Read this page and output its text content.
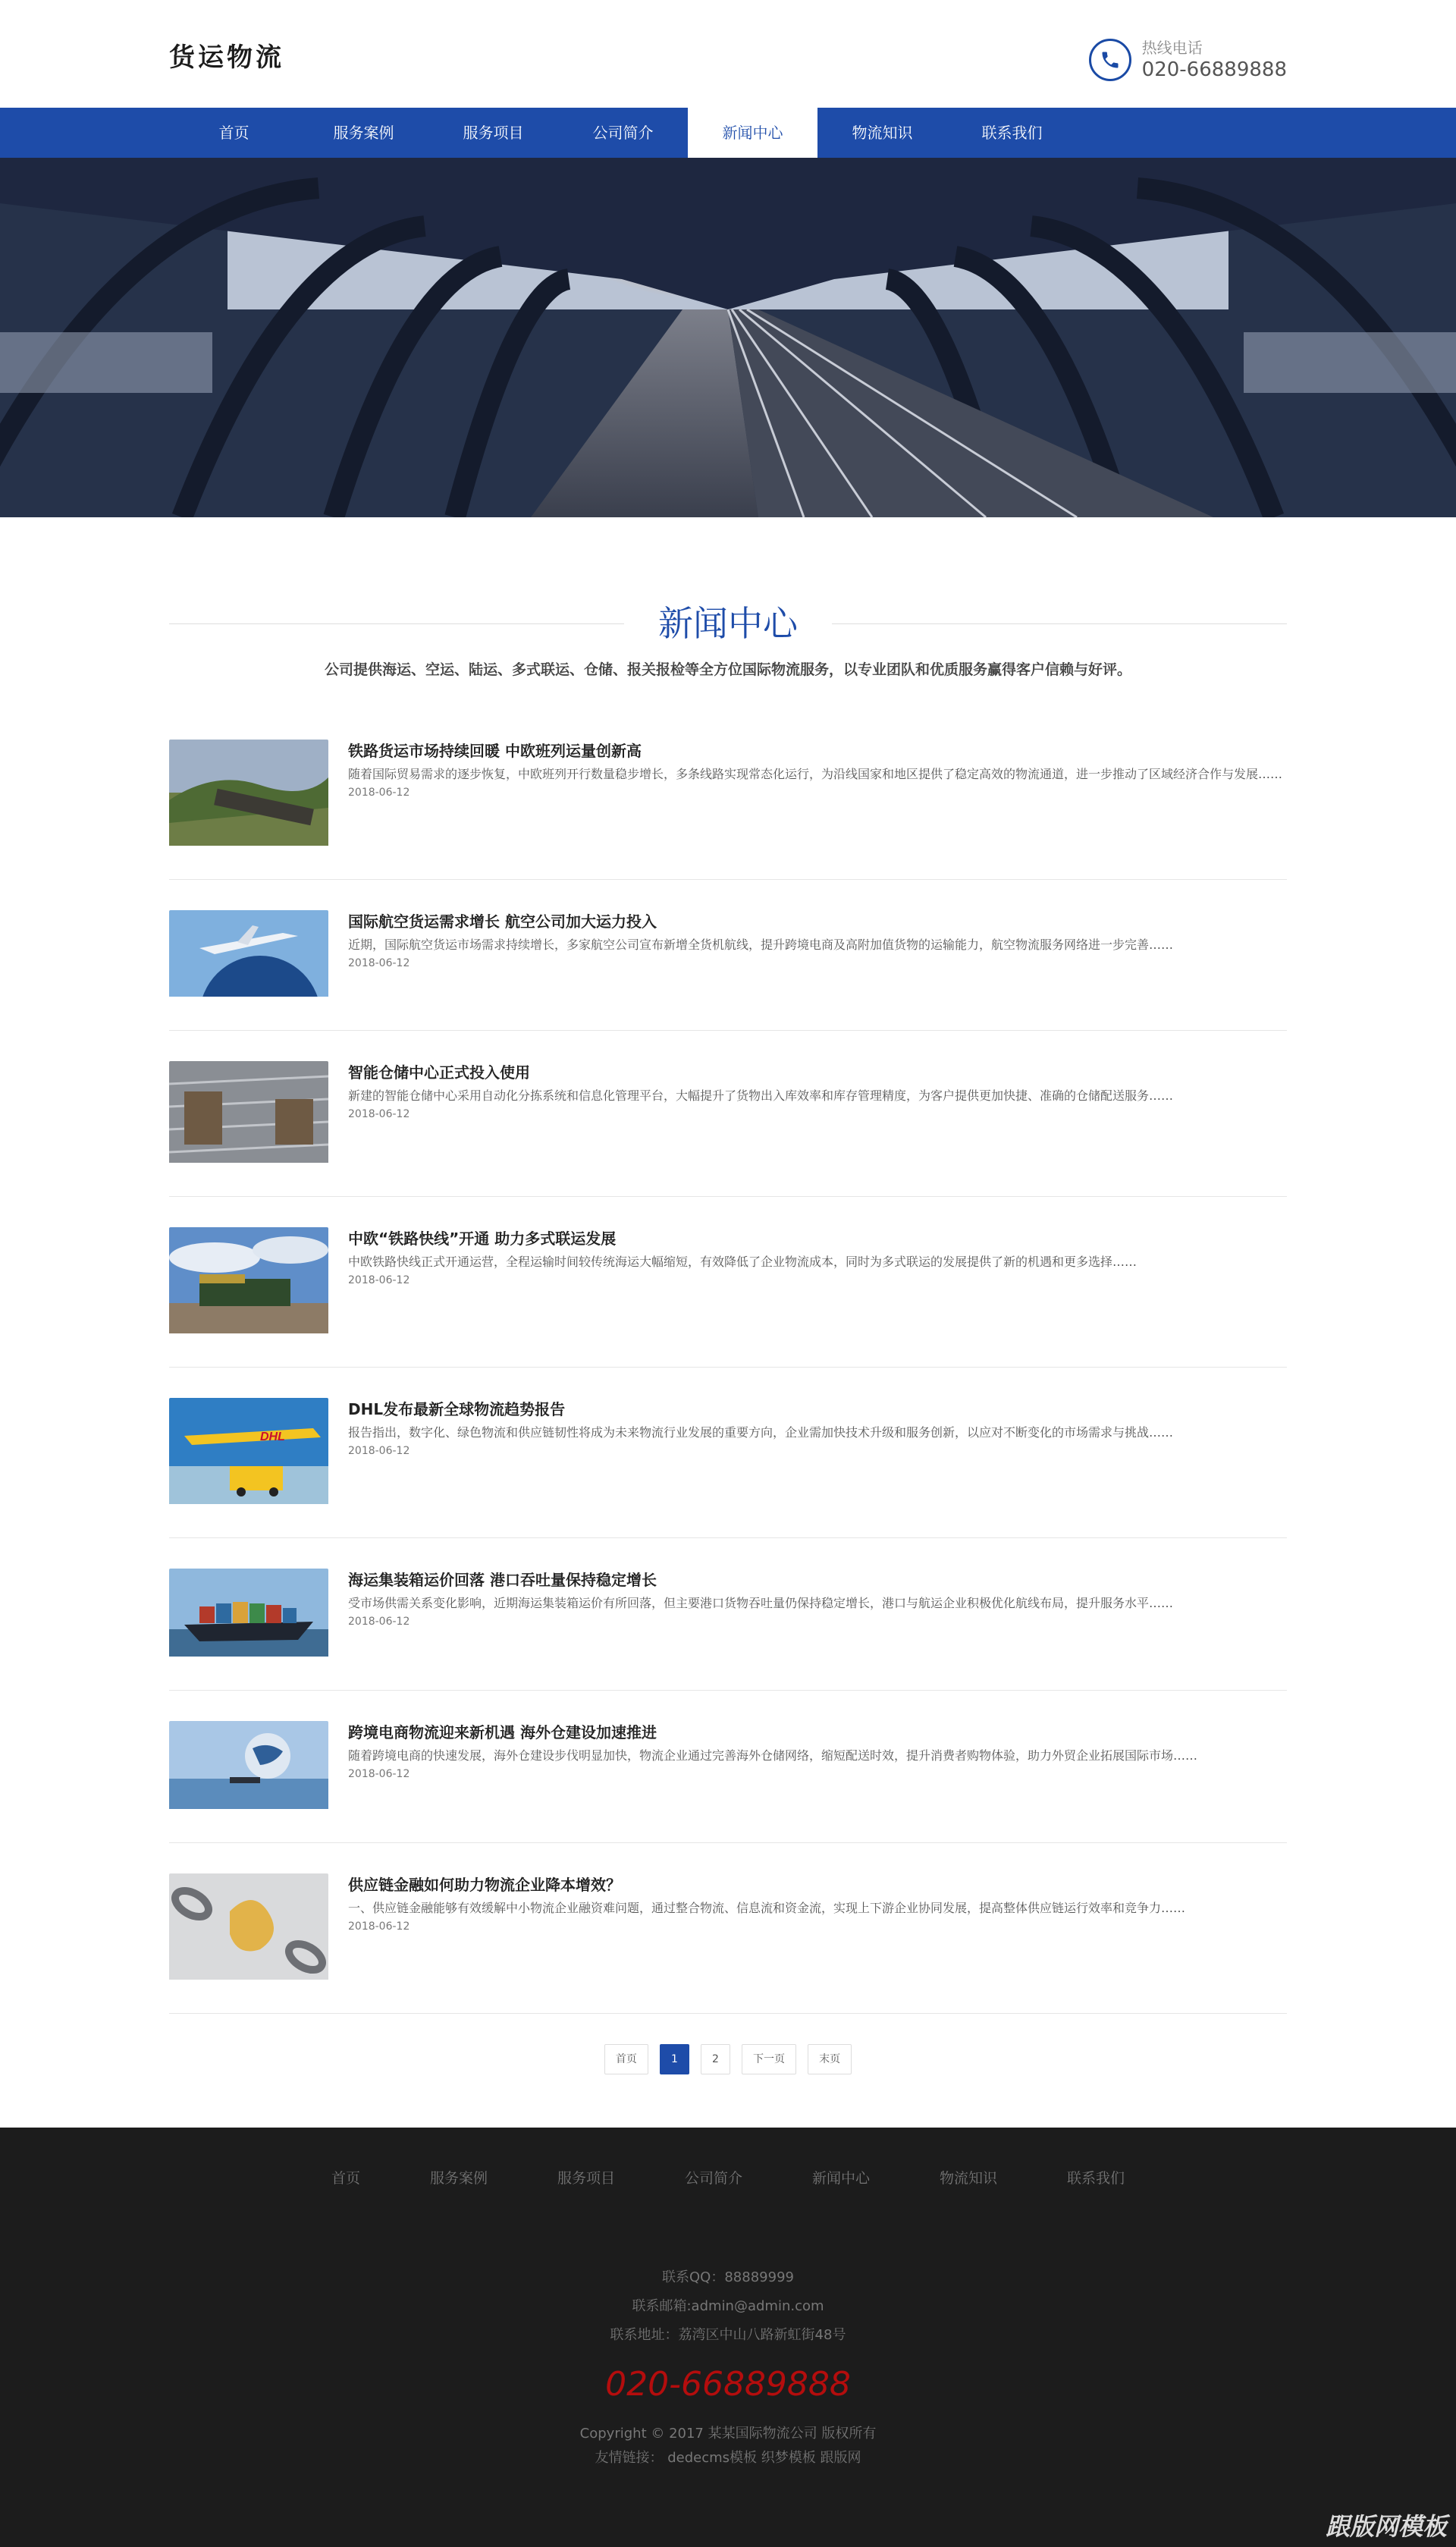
货运物流	热线电话
020-66889888
首页	服务案例	服务项目	公司简介	新闻中心	物流知识	联系我们
新闻中心
公司提供海运、空运、陆运、多式联运、仓储、报关报检等全方位国际物流服务，以专业团队和优质服务赢得客户信赖与好评。
铁路货运市场持续回暖 中欧班列运量创新高
随着国际贸易需求的逐步恢复，中欧班列开行数量稳步增长，多条线路实现常态化运行，为沿线国家和地区提供了稳定高效的物流通道，进一步推动了区域经济合作与发展……
2018-06-12
国际航空货运需求增长 航空公司加大运力投入
近期，国际航空货运市场需求持续增长，多家航空公司宣布新增全货机航线，提升跨境电商及高附加值货物的运输能力，航空物流服务网络进一步完善……
2018-06-12
智能仓储中心正式投入使用
新建的智能仓储中心采用自动化分拣系统和信息化管理平台，大幅提升了货物出入库效率和库存管理精度，为客户提供更加快捷、准确的仓储配送服务……
2018-06-12
中欧“铁路快线”开通 助力多式联运发展
中欧铁路快线正式开通运营，全程运输时间较传统海运大幅缩短，有效降低了企业物流成本，同时为多式联运的发展提供了新的机遇和更多选择……
2018-06-12
DHL
DHL发布最新全球物流趋势报告
报告指出，数字化、绿色物流和供应链韧性将成为未来物流行业发展的重要方向，企业需加快技术升级和服务创新，以应对不断变化的市场需求与挑战……
2018-06-12
海运集装箱运价回落 港口吞吐量保持稳定增长
受市场供需关系变化影响，近期海运集装箱运价有所回落，但主要港口货物吞吐量仍保持稳定增长，港口与航运企业积极优化航线布局，提升服务水平……
2018-06-12
跨境电商物流迎来新机遇 海外仓建设加速推进
随着跨境电商的快速发展，海外仓建设步伐明显加快，物流企业通过完善海外仓储网络，缩短配送时效，提升消费者购物体验，助力外贸企业拓展国际市场……
2018-06-12
供应链金融如何助力物流企业降本增效？
一、供应链金融能够有效缓解中小物流企业融资难问题，通过整合物流、信息流和资金流，实现上下游企业协同发展，提高整体供应链运行效率和竞争力……
2018-06-12
首页	1	2	下一页	末页
首页	服务案例	服务项目	公司简介	新闻中心	物流知识	联系我们
联系QQ：88889999
联系邮箱:admin@admin.com
联系地址：荔湾区中山八路新虹街48号
020-66889888
Copyright © 2017 某某国际物流公司 版权所有
友情链接： dedecms模板 织梦模板 跟版网
跟版网模板
